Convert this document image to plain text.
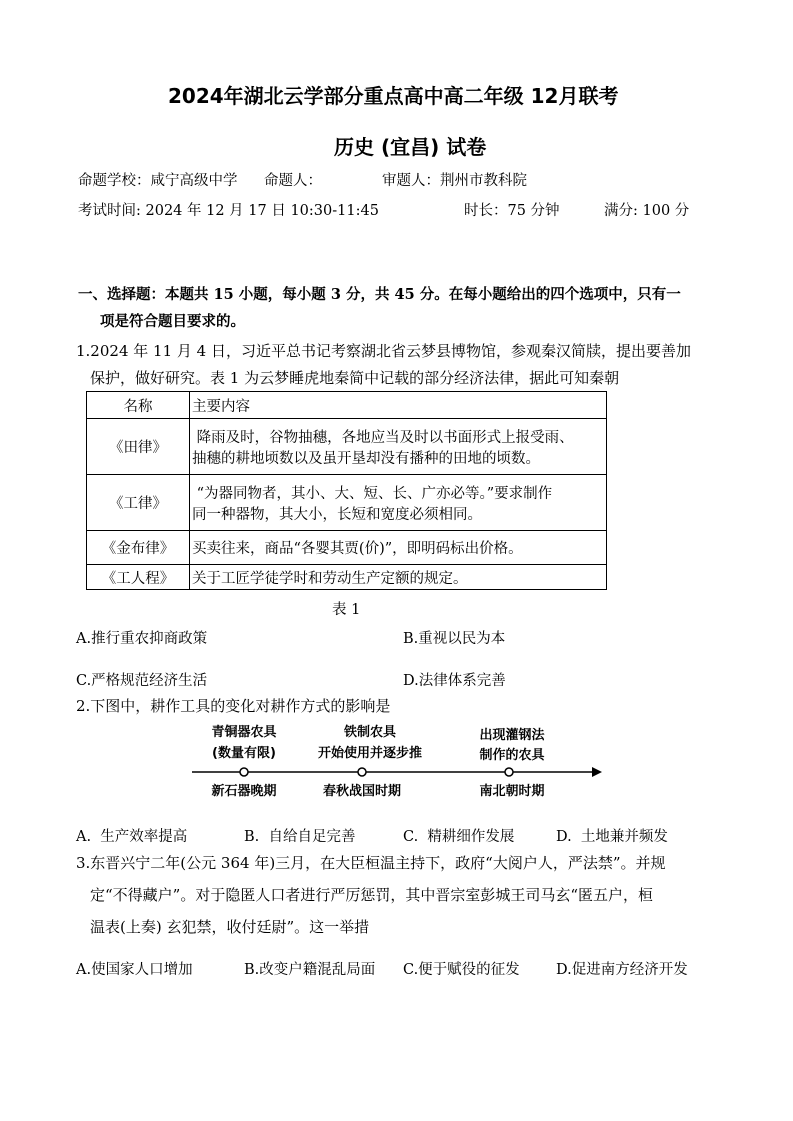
2024年湖北云学部分重点高中高二年级 12月联考
历史 (宜昌) 试卷
命题学校：咸宁高级中学 命题人：	审题人：荆州市教科院
考试时间: 2024 年 12 月 17 日 10:30-11:45	时长：75 分钟	满分: 100 分
一、选择题：本题共 15 小题，每小题 3 分，共 45 分。在每小题给出的四个选项中，只有一
项是符合题目要求的。
1.2024 年 11 月 4 日，习近平总书记考察湖北省云梦县博物馆，参观秦汉简牍，提出要善加
保护，做好研究。表 1 为云梦睡虎地秦简中记载的部分经济法律，据此可知秦朝
名称	主要内容
《田律》	降雨及时，谷物抽穗，各地应当及时以书面形式上报受雨、
抽穗的耕地顷数以及虽开垦却没有播种的田地的顷数。

《工律》	“为器同物者，其小、大、短、长、广亦必等。”要求制作
同一种器物，其大小，长短和宽度必须相同。

《金布律》	买卖往来，商品“各婴其贾(价)”，即明码标出价格。
《工人程》	关于工匠学徒学时和劳动生产定额的规定。
表 1
A.推行重农抑商政策	B.重视以民为本
C.严格规范经济生活	D.法律体系完善
2.下图中，耕作工具的变化对耕作方式的影响是
青铜器农具
(数量有限)
铁制农具
开始使用并逐步推
出现灌钢法
制作的农具
新石器晚期	春秋战国时期	南北朝时期
A.  生产效率提高	B.  自给自足完善	C.  精耕细作发展	D.  土地兼并频发
3.东晋兴宁二年(公元 364 年)三月，在大臣桓温主持下，政府“大阅户人，严法禁”。并规
定“不得藏户”。对于隐匿人口者进行严厉惩罚，其中晋宗室彭城王司马玄“匿五户，桓
温表(上奏) 玄犯禁，收付廷尉”。这一举措
A.使国家人口增加	B.改变户籍混乱局面 C.便于赋役的征发	D.促进南方经济开发
